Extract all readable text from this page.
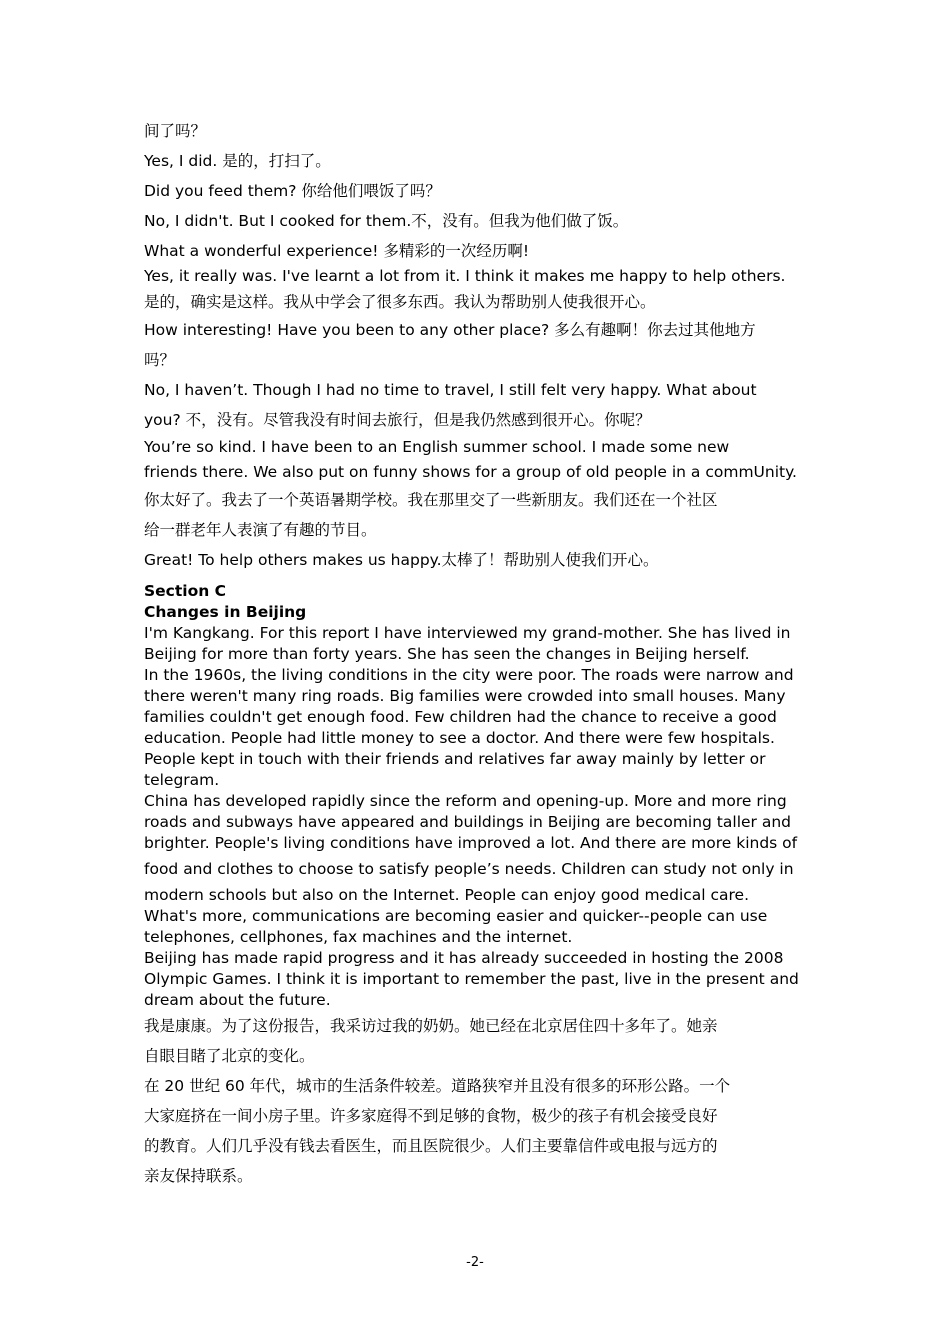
间了吗？

Yes, I did. 是的，打扫了。

Did you feed them? 你给他们喂饭了吗？

No, I didn't. But I cooked for them.不，没有。但我为他们做了饭。

What a wonderful experience! 多精彩的一次经历啊!

Yes, it really was. I've learnt a lot from it. I think it makes me happy to help others.

是的，确实是这样。我从中学会了很多东西。我认为帮助别人使我很开心。

How interesting! Have you been to any other place? 多么有趣啊！你去过其他地方

吗？

No, I haven’t. Though I had no time to travel, I still felt very happy. What about

you? 不，没有。尽管我没有时间去旅行，但是我仍然感到很开心。你呢？

You’re so kind. I have been to an English summer school. I made some new

friends there. We also put on funny shows for a group of old people in a commUnity.

你太好了。我去了一个英语暑期学校。我在那里交了一些新朋友。我们还在一个社区

给一群老年人表演了有趣的节目。

Great! To help others makes us happy.太棒了！帮助别人使我们开心。

Section C

Changes in Beijing

I'm Kangkang. For this report I have interviewed my grand-mother. She has lived in

Beijing for more than forty years. She has seen the changes in Beijing herself.

In the 1960s, the living conditions in the city were poor. The roads were narrow and

there weren't many ring roads. Big families were crowded into small houses. Many

families couldn't get enough food. Few children had the chance to receive a good

education. People had little money to see a doctor. And there were few hospitals.

People kept in touch with their friends and relatives far away mainly by letter or

telegram.

China has developed rapidly since the reform and opening-up. More and more ring

roads and subways have appeared and buildings in Beijing are becoming taller and

brighter. People's living conditions have improved a lot. And there are more kinds of

food and clothes to choose to satisfy people’s needs. Children can study not only in

modern schools but also on the Internet. People can enjoy good medical care.

What's more, communications are becoming easier and quicker--people can use

telephones, cellphones, fax machines and the internet.

Beijing has made rapid progress and it has already succeeded in hosting the 2008

Olympic Games. I think it is important to remember the past, live in the present and

dream about the future.

我是康康。为了这份报告，我采访过我的奶奶。她已经在北京居住四十多年了。她亲

自眼目睹了北京的变化。

在 20 世纪 60 年代，城市的生活条件较差。道路狭窄并且没有很多的环形公路。一个

大家庭挤在一间小房子里。许多家庭得不到足够的食物，极少的孩子有机会接受良好

的教育。人们几乎没有钱去看医生，而且医院很少。人们主要靠信件或电报与远方的

亲友保持联系。

-2-
